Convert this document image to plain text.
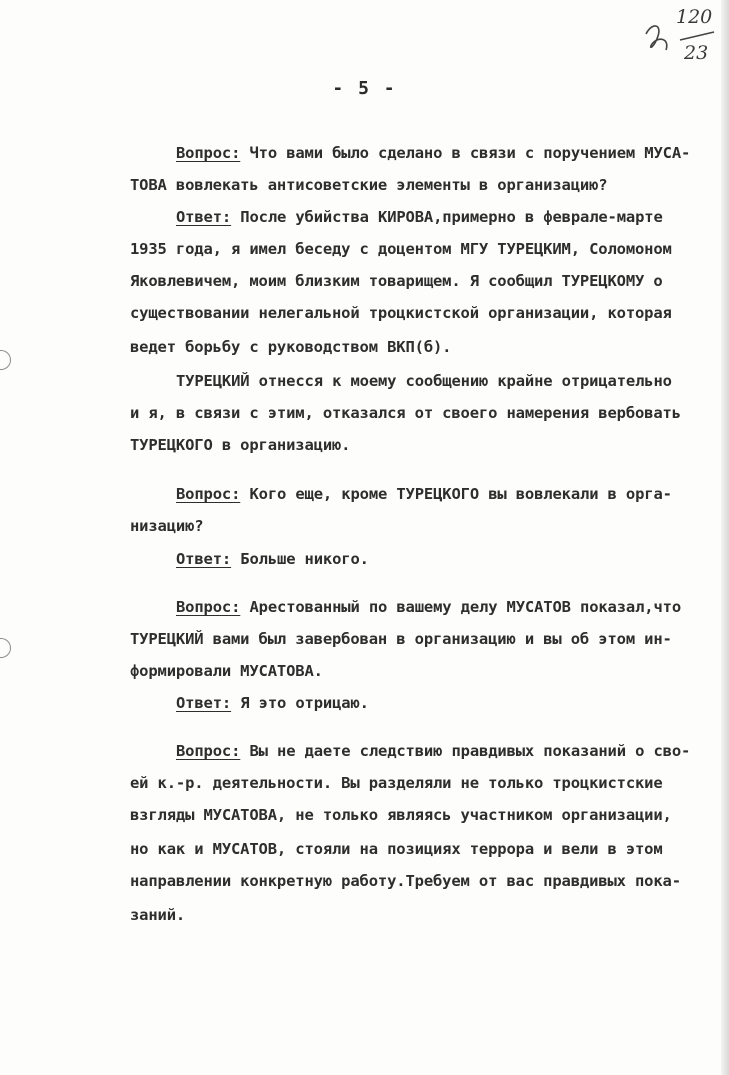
120
23
- 5 -
Вопрос: Что вами было сделано в связи с поручением МУСА-
ТОВА вовлекать антисоветские элементы в организацию?
Ответ: После убийства КИРОВА,примерно в феврале-марте
1935 года, я имел беседу с доцентом МГУ ТУРЕЦКИМ, Соломоном
Яковлевичем, моим близким товарищем. Я сообщил ТУРЕЦКОМУ о
существовании нелегальной троцкистской организации, которая
ведет борьбу с руководством ВКП(б).
ТУРЕЦКИЙ отнесся к моему сообщению крайне отрицательно
и я, в связи с этим, отказался от своего намерения вербовать
ТУРЕЦКОГО в организацию.
Вопрос: Кого еще, кроме ТУРЕЦКОГО вы вовлекали в орга-
низацию?
Ответ: Больше никого.
Вопрос: Арестованный по вашему делу МУСАТОВ показал,что
ТУРЕЦКИЙ вами был завербован в организацию и вы об этом ин-
формировали МУСАТОВА.
Ответ: Я это отрицаю.
Вопрос: Вы не даете следствию правдивых показаний о сво-
ей к.-р. деятельности. Вы разделяли не только троцкистские
взгляды МУСАТОВА, не только являясь участником организации,
но как и МУСАТОВ, стояли на позициях террора и вели в этом
направлении конкретную работу.Требуем от вас правдивых пока-
заний.
